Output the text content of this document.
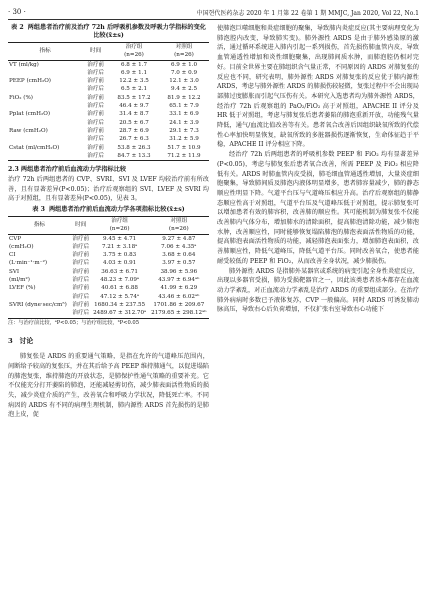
· 30 ·	中国현代医药杂志 2020 年 1 月第 22 卷第 1 期 MMJC, Jan 2020, Vol 22, No.1
表 2 两组患者治疗前及治疗 72h 后呼吸机参数及呼吸力学指标的变化比较(x̄±s)
指标	时间	治疗组
(n=26)	对照组
(n=26)
VT (ml/kg)	治疗前	6.8 ± 1.7	6.9 ± 1.0
	治疗后	6.9 ± 1.1	7.0 ± 0.9
PEEP (cmH₂O)	治疗前	12.2 ± 3.5	12.1 ± 3.0
	治疗后	6.5 ± 2.1	9.4 ± 2.5
FiO₂ (%)	治疗前	83.5 ± 17.2	81.9 ± 12.2
	治疗后	46.4 ± 9.7	65.1 ± 7.9
Pplat (cmH₂O)	治疗前	31.4 ± 8.7	33.1 ± 6.9
	治疗后	20.5 ± 6.7	24.1 ± 3.9
Raw (cmH₂O)	治疗前	28.7 ± 6.9	29.1 ± 7.3
	治疗后	26.7 ± 6.3	31.2 ± 5.9
Cstat (ml/cmH₂O)	治疗前	53.8 ± 26.3	51.7 ± 10.9
	治疗后	84.7 ± 13.3	71.2 ± 11.9
2.3 两组患者治疗前后血流动力学指标比较

治疗 72h 后两组患者的 CVP、SVRI、SVI 及 LVEF 均较治疗前有所改善，且有显著差异(P<0.05)；治疗后观察组的 SVI、LVEF 及 SVRI 均高于对照组，且有显著差异(P<0.05)，见表 3。

表 3 两组患者治疗前后血流动力学各项指标比较(x̄±s)
指标	时间	治疗组
(n=26)	对照组
(n=26)
CVP	治疗前	9.45 ± 4.71	9.27 ± 4.87
(cmH₂O)	治疗后	7.21 ± 3.18ᵃ	7.06 ± 4.35ᵃ
CI	治疗前	3.75 ± 0.83	3.68 ± 0.64
(L·min⁻¹·m⁻²)	治疗后	4.03 ± 0.91	3.97 ± 0.57
SVI	治疗前	36.63 ± 6.71	38.96 ± 5.96
(ml/m²)	治疗后	48.23 ± 7.09ᵃ	43.97 ± 6.94ᵃᵇ
LVEF (%)	治疗前	40.61 ± 6.88	41.99 ± 6.29
	治疗后	47.12 ± 5.74ᵃ	43.46 ± 6.02ᵃᵇ
SVRI (dyne·sec/cm⁵)	治疗前	1680.34 ± 237.55	1701.86 ± 209.67
	治疗后	2489.67 ± 312.70ᵃ	2179.65 ± 298.12ᵃᵇ
注：与治疗前比较，ᵃP<0.05；与治疗组比较，ᵇP<0.05
3　讨论

肺复张是 ARDS 的重要通气策略，是指在允许的气道峰压范围内，间断给予较高的复张压，并在其后给予高 PEEP 维持肺通气，以促进塌陷的肺泡复张，维持肺泡的开放状态，是肺保护性通气策略的重要补充。它不仅能充分打开萎陷的肺泡，还能减轻剪切伤，减少肺表面活性物质的损失，减少炎症介质的产生，改善氧合和呼吸力学状况，降低死亡率。不同病因的 ARDS 有不同的病理生理机制，肺内源性 ARDS 首先损伤的是肺泡上皮，促

使肺泡巨噬细胞和炎症细胞的聚集，导致肺内炎症反应(其主要病理变化为肺泡腔内改变，导致肺实变)。肺外源性 ARDS 是由于肺外感染原的激活，通过循环系统进入肺内引起一系列损伤，首先损伤肺血管内皮，导致血管通透性增加和炎性细胞聚集，出现肺间质水肿，而肺泡腔仍相对完好。目前全世界主要在肺组织含气量正常，不同原因的 ARDS 对肺复张的反应也不同，研究表明，肺外源性 ARDS 对肺复张的反应优于肺内源性 ARDS，考虑与肺外源性 ARDS 的肺损伤较轻微，复张过程中不会出现局部肺过度膨胀而引起气压伤有关。本研究入选患者均为肺外源性 ARDS，经治疗 72h 后观察组的 PaO₂/FiO₂ 高于对照组，APACHE II 评分及 HR 低于对照组，考虑与肺复张后患者萎陷的肺泡重新开放，功能残气量降低，通气/血流比值改善等有关。患者氧合改善后因组织缺氧所致的代偿性心率加快明显恢复，缺氧所致的多脏器损伤逐渐恢复，生命体征趋于平稳，APACHE II 评分相应下降。

经治疗 72h 后两组患者的呼吸机参数 PEEP 和 FiO₂ 均有显著差异(P<0.05)，考虑与肺复张后患者氧合改善，所需 PEEP 及 FiO₂ 相应降低有关。ARDS 时肺血管内皮受损，肺毛细血管通透性增加，大量炎症细胞聚集，导致肺间质及肺泡内液体明显增多，患者肺容量减少，肺的静态顺应性明显下降。气道平台压与气道峰压相应升高。治疗后观察组的肺静态顺应性高于对照组，气道平台压及气道峰压低于对照组，提示肺复张可以增加患者有效的肺容积，改善肺的顺应性。其可能机制为肺复张不仅能改善肺内气体分布，增加肺水的清除面积，提高肺泡清除功能，减少肺泡水肿，改善顺应性，同时能够恢复塌陷肺泡的肺泡表面活性物质的功能，提高肺泡表面活性物质的功能，减轻肺泡表面张力，增加肺泡表面积，改善肺顺应性，降低气道峰压，降低气道平台压。同时改善氧合，使患者能耐受较低的 PEEP 和 FiO₂，从而改善全身状况，减少肺损伤。

肺外源性 ARDS 是指肺外某器官或系统的病变引起全身性炎症反应，出现以多器官受损，肺为受损靶器官之一，因此该类患者基本都存在血流动力学紊乱，对正血流动力学紊乱是治疗 ARDS 的重要组成部分。在治疗肺外病病时多数已予液体复苏，CVP 一般偏高。同时 ARDS 可诱发肺动脉高压，导致右心后负荷增加，不仅扩张右室导致右心功能下
